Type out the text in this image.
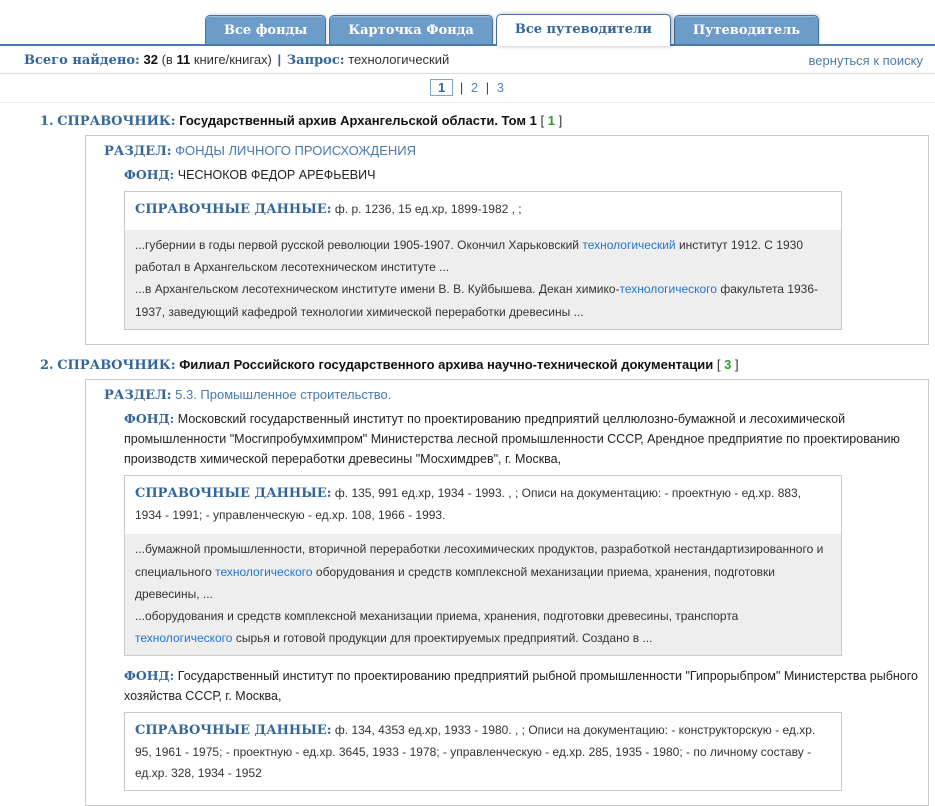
Все фонды	Карточка Фонда	Все путеводители	Путеводитель
Всего найдено: 32 (в 11 книге/книгах) | Запрос: технологический	вернуться к поиску
1 | 2 | 3
1. СПРАВОЧНИК: Государственный архив Архангельской области. Том 1 [ 1 ]
РАЗДЕЛ: ФОНДЫ ЛИЧНОГО ПРОИСХОЖДЕНИЯ
ФОНД: ЧЕСНОКОВ ФЕДОР АРЕФЬЕВИЧ
СПРАВОЧНЫЕ ДАННЫЕ: ф. р. 1236, 15 ед.хр, 1899-1982 , ;
...губернии в годы первой русской революции 1905-1907. Окончил Харьковский технологический институт 1912. С 1930 работал в Архангельском лесотехническом институте ...
...в Архангельском лесотехническом институте имени В. В. Куйбышева. Декан химико-технологического факультета 1936-1937, заведующий кафедрой технологии химической переработки древесины ...
2. СПРАВОЧНИК: Филиал Российского государственного архива научно-технической документации [ 3 ]
РАЗДЕЛ: 5.3. Промышленное строительство.
ФОНД: Московский государственный институт по проектированию предприятий целлюлозно-бумажной и лесохимической промышленности "Мосгипробумхимпром" Министерства лесной промышленности СССР, Арендное предприятие по проектированию производств химической переработки древесины "Мосхимдрев", г. Москва,
СПРАВОЧНЫЕ ДАННЫЕ: ф. 135, 991 ед.хр, 1934 - 1993. , ; Описи на документацию: - проектную - ед.хр. 883, 1934 - 1991; - управленческую - ед.хр. 108, 1966 - 1993.
...бумажной промышленности, вторичной переработки лесохимических продуктов, разработкой нестандартизированного и специального технологического оборудования и средств комплексной механизации приема, хранения, подготовки древесины, ...
...оборудования и средств комплексной механизации приема, хранения, подготовки древесины, транспорта технологического сырья и готовой продукции для проектируемых предприятий. Создано в ...
ФОНД: Государственный институт по проектированию предприятий рыбной промышленности "Гипрорыбпром" Министерства рыбного хозяйства СССР, г. Москва,
СПРАВОЧНЫЕ ДАННЫЕ: ф. 134, 4353 ед.хр, 1933 - 1980. , ; Описи на документацию: - конструкторскую - ед.хр. 95, 1961 - 1975; - проектную - ед.хр. 3645, 1933 - 1978; - управленческую - ед.хр. 285, 1935 - 1980; - по личному составу - ед.хр. 328, 1934 - 1952
